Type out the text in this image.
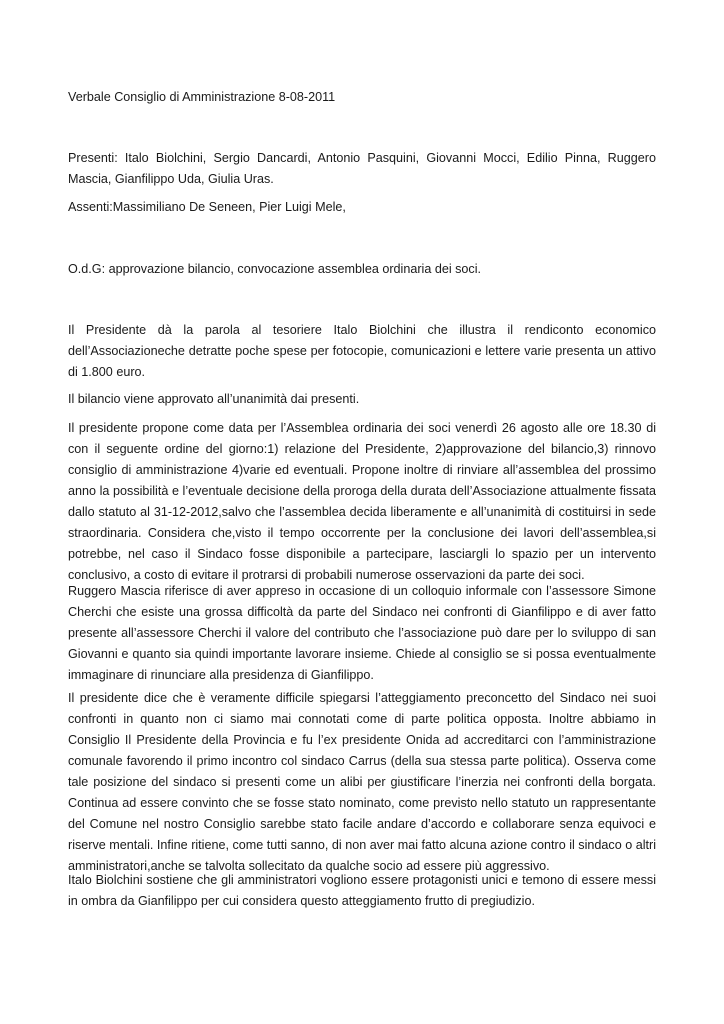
Verbale Consiglio di Amministrazione 8-08-2011

Presenti: Italo Biolchini, Sergio Dancardi, Antonio Pasquini, Giovanni Mocci, Edilio Pinna, Ruggero Mascia, Gianfilippo Uda, Giulia Uras.

Assenti:Massimiliano De Seneen, Pier Luigi Mele,

O.d.G: approvazione bilancio, convocazione assemblea ordinaria dei soci.

Il Presidente dà la parola al tesoriere Italo Biolchini che illustra il rendiconto economico dell’Associazioneche detratte poche spese per fotocopie, comunicazioni e lettere varie presenta un attivo di 1.800 euro.

Il bilancio viene approvato all’unanimità dai presenti.

Il presidente propone come data per l’Assemblea ordinaria dei soci venerdì 26 agosto alle ore 18.30 di con il seguente ordine del giorno:1) relazione del Presidente, 2)approvazione del bilancio,3) rinnovo consiglio di amministrazione 4)varie ed eventuali. Propone inoltre di rinviare all’assemblea del prossimo anno la possibilità e l’eventuale decisione della proroga della durata dell’Associazione attualmente fissata dallo statuto al 31-12-2012,salvo che l’assemblea decida liberamente e all’unanimità di costituirsi in sede straordinaria. Considera che,visto il tempo occorrente per la conclusione dei lavori dell’assemblea,si potrebbe, nel caso il Sindaco fosse disponibile a partecipare, lasciargli lo spazio per un intervento conclusivo, a costo di evitare il protrarsi di probabili numerose osservazioni da parte dei soci.

Ruggero Mascia riferisce di aver appreso in occasione di un colloquio informale con l’assessore Simone Cherchi che esiste una grossa difficoltà da parte del Sindaco nei confronti di Gianfilippo e di aver fatto presente all’assessore Cherchi il valore del contributo che l’associazione può dare per lo sviluppo di san Giovanni e quanto sia quindi importante lavorare insieme. Chiede al consiglio se si possa eventualmente immaginare di rinunciare alla presidenza di Gianfilippo.

Il presidente dice che è veramente difficile spiegarsi l’atteggiamento preconcetto del Sindaco nei suoi confronti in quanto non ci siamo mai connotati come di parte politica opposta. Inoltre abbiamo in Consiglio Il Presidente della Provincia e fu l’ex presidente Onida ad accreditarci con l’amministrazione comunale favorendo il primo incontro col sindaco Carrus (della sua stessa parte politica). Osserva come tale posizione del sindaco si presenti come un alibi per giustificare l’inerzia nei confronti della borgata. Continua ad essere convinto che se fosse stato nominato, come previsto nello statuto un rappresentante del Comune nel nostro Consiglio sarebbe stato facile andare d’accordo e collaborare senza equivoci e riserve mentali. Infine ritiene, come tutti sanno, di non aver mai fatto alcuna azione contro il sindaco o altri amministratori,anche se talvolta sollecitato da qualche socio ad essere più aggressivo.

Italo Biolchini sostiene che gli amministratori vogliono essere protagonisti unici e temono di essere messi in ombra da Gianfilippo per cui considera questo atteggiamento frutto di pregiudizio.
